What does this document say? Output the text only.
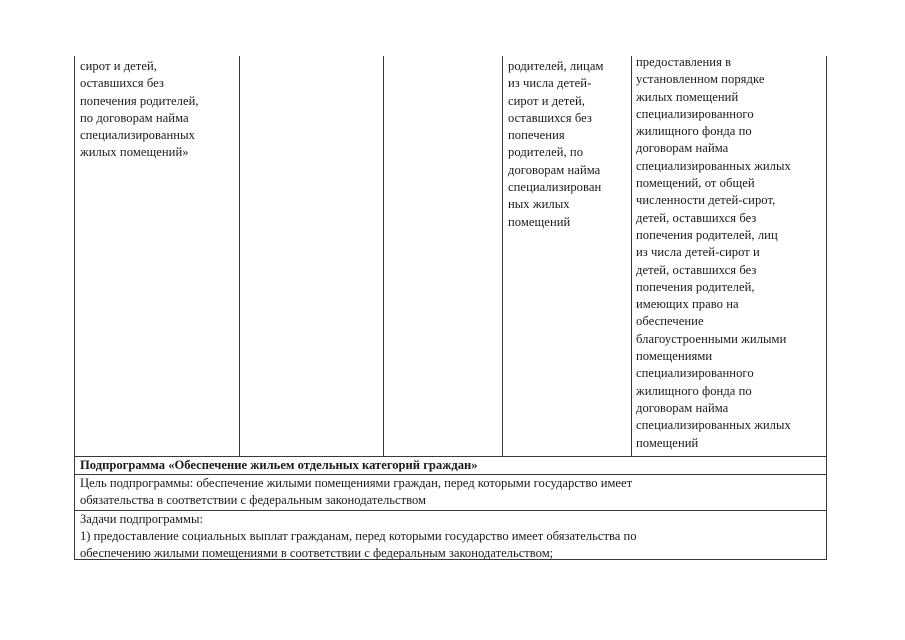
сирот и детей,
оставшихся без
попечения родителей,
по договорам найма
специализированных
жилых помещений»
родителей, лицам
из числа детей-
сирот и детей,
оставшихся без
попечения
родителей, по
договорам найма
специализирован
ных жилых
помещений
предоставления в
установленном порядке
жилых помещений
специализированного
жилищного фонда по
договорам найма
специализированных жилых
помещений, от общей
численности детей-сирот,
детей, оставшихся без
попечения родителей, лиц
из числа детей-сирот и
детей, оставшихся без
попечения родителей,
имеющих право на
обеспечение
благоустроенными жилыми
помещениями
специализированного
жилищного фонда по
договорам найма
специализированных жилых
помещений
Подпрограмма «Обеспечение жильем отдельных категорий граждан»
Цель подпрограммы: обеспечение жилыми помещениями граждан, перед которыми государство имеет
обязательства в соответствии с федеральным законодательством
Задачи подпрограммы:
1) предоставление социальных выплат гражданам, перед которыми государство имеет обязательства по
обеспечению жилыми помещениями в соответствии с федеральным законодательством;
